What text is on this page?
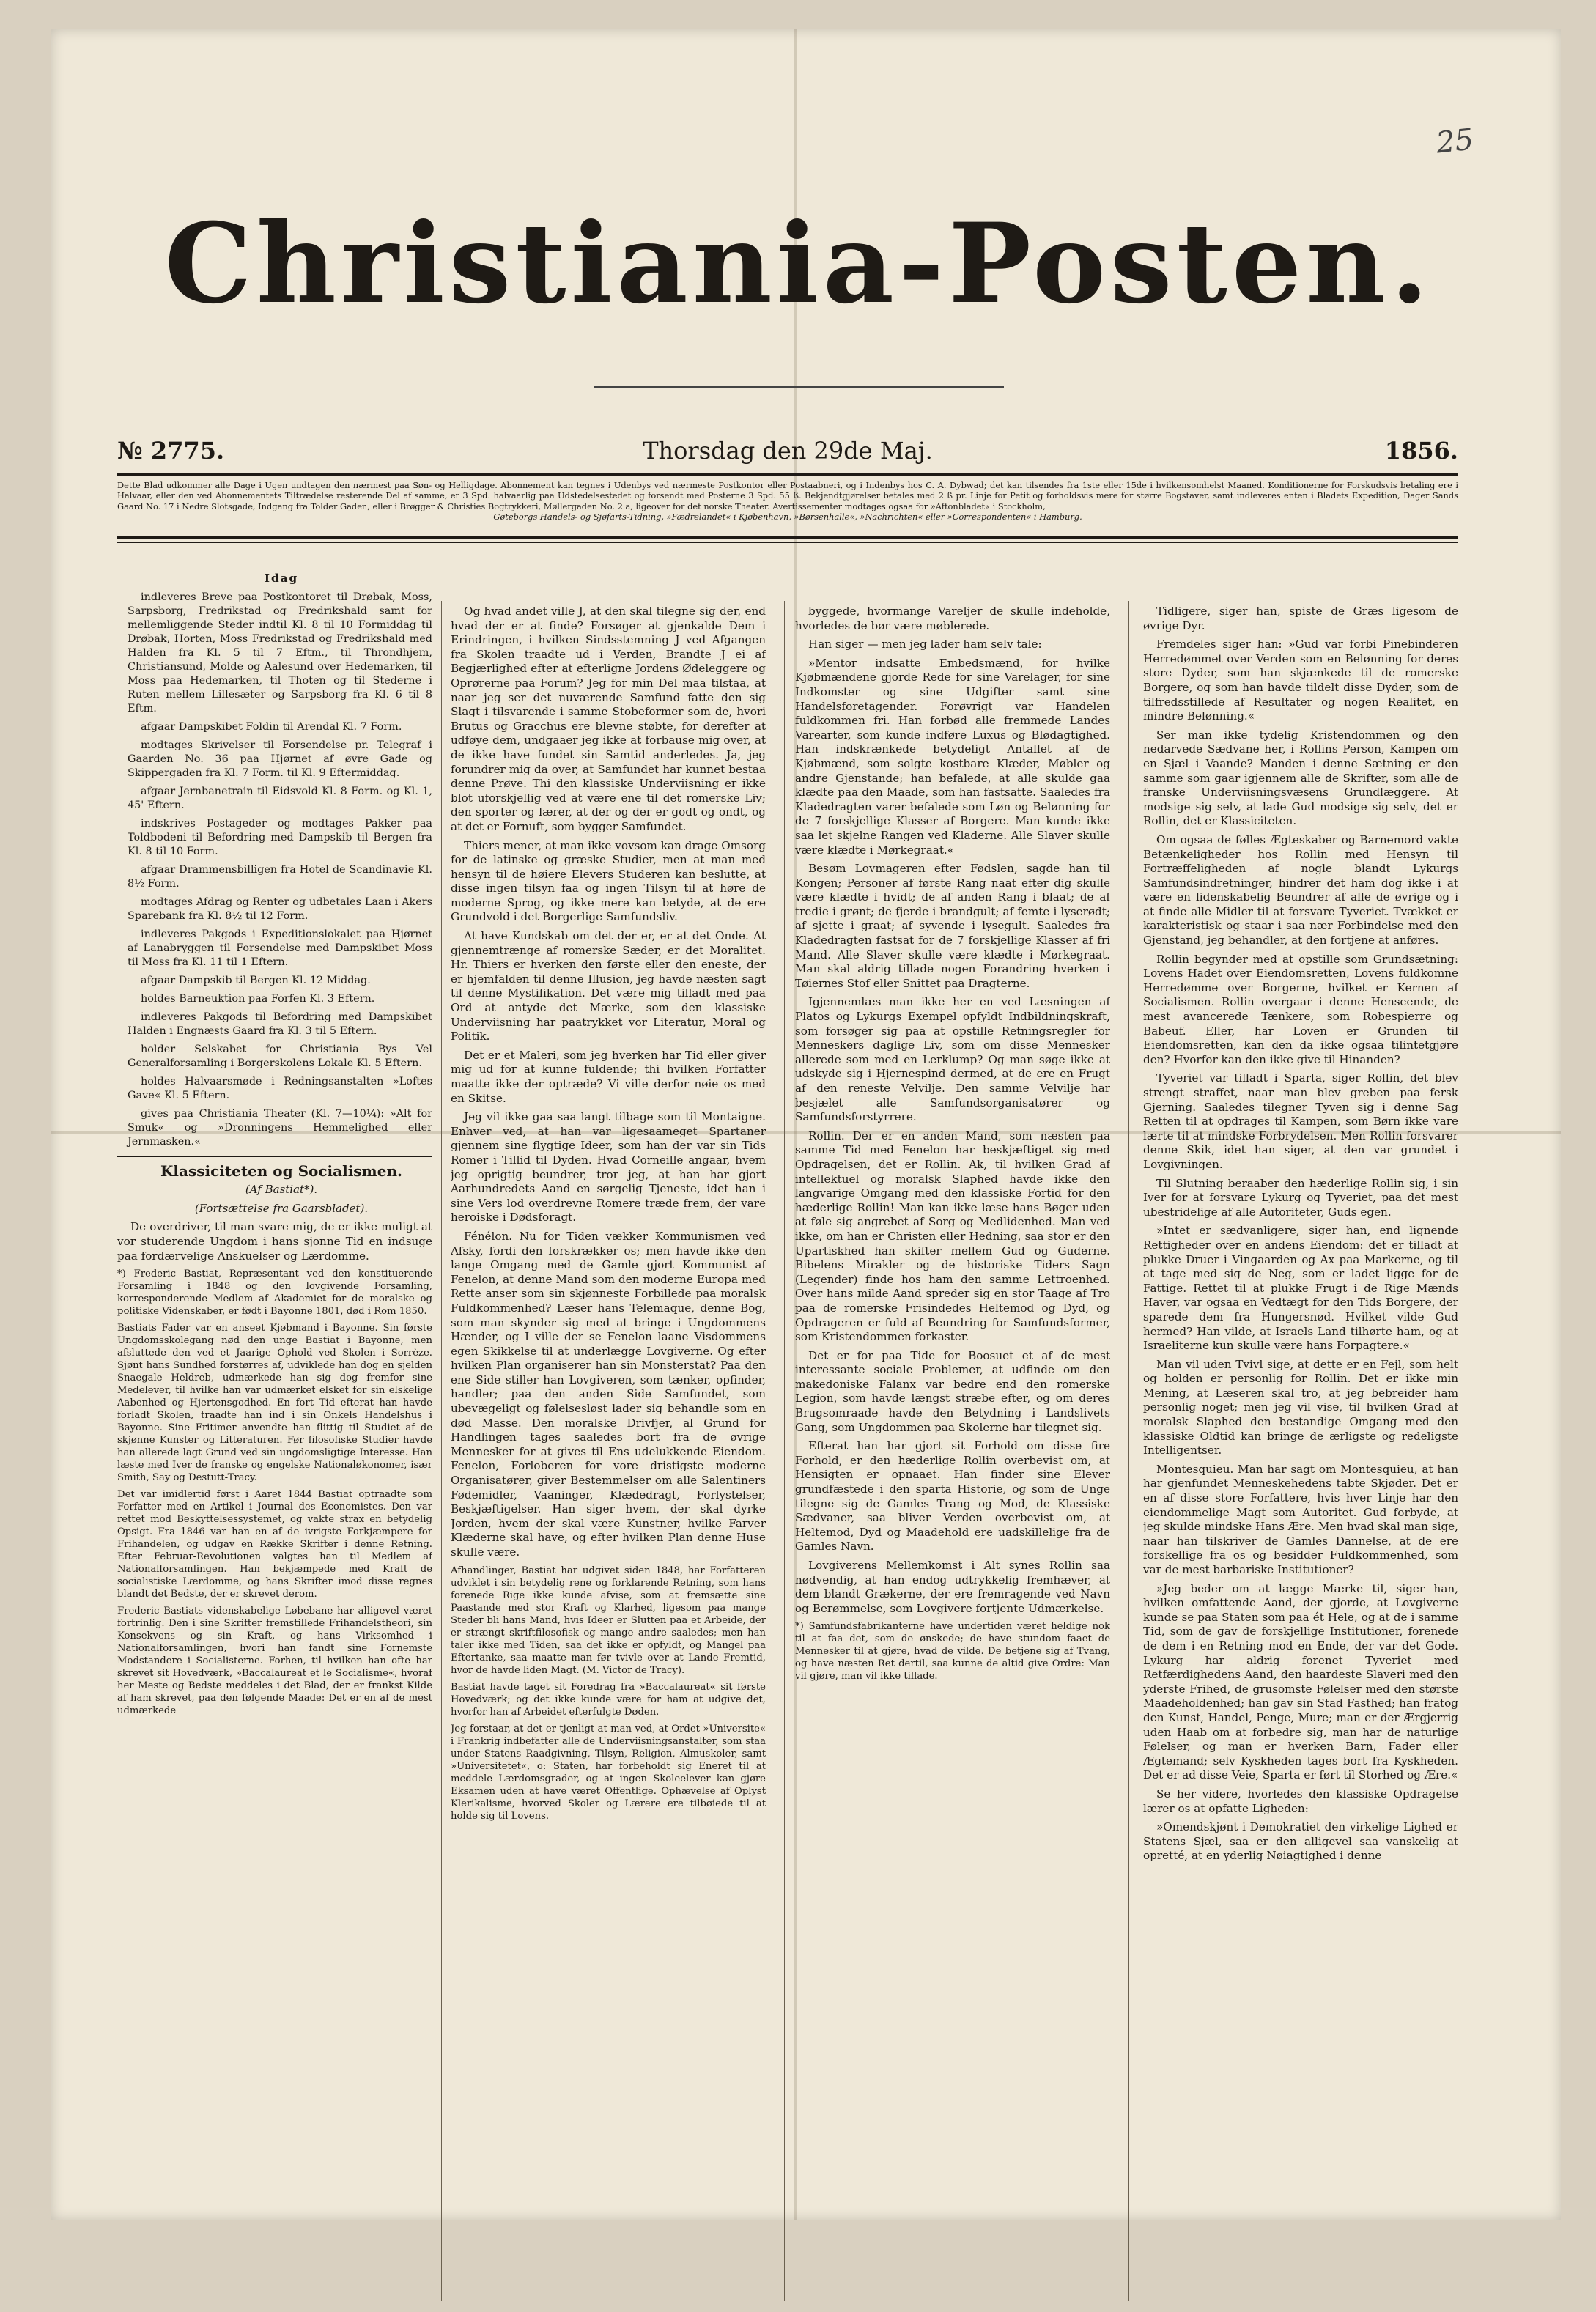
25
Christiania-Posten.
Thorsdag den 29de Maj.
№ 2775.	1856.

Dette Blad udkommer alle Dage i Ugen undtagen den nærmest paa Søn- og Helligdage. Abonnement kan tegnes i Udenbys ved nærmeste Postkontor eller Postaabneri, og i Indenbys hos C. A. Dybwad; det kan tilsendes fra 1ste eller 15de i hvilkensomhelst Maaned. Konditionerne for Forskudsvis betaling ere i Halvaar, eller den ved Abonnementets Tiltrædelse resterende Del af samme, er 3 Spd. halvaarlig paa Udstedelsestedet og forsendt med Posterne 3 Spd. 55 ß. Bekjendtgjørelser betales med 2 ß pr. Linje for Petit og forholdsvis mere for større Bogstaver, samt indleveres enten i Bladets Expedition, Dager Sands Gaard No. 17 i Nedre Slotsgade, Indgang fra Tolder Gaden, eller i Brøgger & Christies Bogtrykkeri, Møllergaden No. 2 a, ligeover for det norske Theater. Avertissementer modtages ogsaa for »Aftonbladet« i Stockholm,

Gøteborgs Handels- og Sjøfarts-Tidning, »Fædrelandet« i Kjøbenhavn, »Børsenhalle«, »Nachrichten« eller »Correspondenten« i Hamburg.

Idag

indleveres Breve paa Postkontoret til Drøbak, Moss, Sarpsborg, Fredrikstad og Fredrikshald samt for mellemliggende Steder indtil Kl. 8 til 10 Formiddag til Drøbak, Horten, Moss Fredrikstad og Fredrikshald med Halden fra Kl. 5 til 7 Eftm., til Throndhjem, Christiansund, Molde og Aalesund over Hedemarken, til Moss paa Hedemarken, til Thoten og til Stederne i Ruten mellem Lillesæter og Sarpsborg fra Kl. 6 til 8 Eftm.

afgaar Dampskibet Foldin til Arendal Kl. 7 Form.

modtages Skrivelser til Forsendelse pr. Telegraf i Gaarden No. 36 paa Hjørnet af øvre Gade og Skippergaden fra Kl. 7 Form. til Kl. 9 Eftermiddag.

afgaar Jernbanetrain til Eidsvold Kl. 8 Form. og Kl. 1, 45' Eftern.

indskrives Postageder og modtages Pakker paa Toldbodeni til Befordring med Dampskib til Bergen fra Kl. 8 til 10 Form.

afgaar Drammensbilligen fra Hotel de Scandinavie Kl. 8½ Form.

modtages Afdrag og Renter og udbetales Laan i Akers Sparebank fra Kl. 8½ til 12 Form.

indleveres Pakgods i Expeditionslokalet paa Hjørnet af Lanabryggen til Forsendelse med Dampskibet Moss til Moss fra Kl. 11 til 1 Eftern.

afgaar Dampskib til Bergen Kl. 12 Middag.

holdes Barneuktion paa Forfen Kl. 3 Eftern.

indleveres Pakgods til Befordring med Dampskibet Halden i Engnæsts Gaard fra Kl. 3 til 5 Eftern.

holder Selskabet for Christiania Bys Vel Generalforsamling i Borgerskolens Lokale Kl. 5 Eftern.

holdes Halvaarsmøde i Redningsanstalten »Loftes Gave« Kl. 5 Eftern.

gives paa Christiania Theater (Kl. 7—10¼): »Alt for Smuk« og »Dronningens Hemmelighed eller Jernmasken.«

Klassiciteten og Socialismen.

(Af Bastiat*).

(Fortsættelse fra Gaarsbladet).

De overdriver, til man svare mig, de er ikke muligt at vor studerende Ungdom i hans sjonne Tid en indsuge paa fordærvelige Anskuelser og Lærdomme.

*) Frederic Bastiat, Repræsentant ved den konstituerende Forsamling i 1848 og den lovgivende Forsamling, korresponderende Medlem af Akademiet for de moralske og politiske Videnskaber, er født i Bayonne 1801, død i Rom 1850.

Bastiats Fader var en anseet Kjøbmand i Bayonne. Sin første Ungdomsskolegang nød den unge Bastiat i Bayonne, men afsluttede den ved et Jaarige Ophold ved Skolen i Sorrèze. Sjønt hans Sundhed forstørres af, udviklede han dog en sjelden Snaegale Heldreb, udmærkede han sig dog fremfor sine Medelever, til hvilke han var udmærket elsket for sin elskelige Aabenhed og Hjertensgodhed. En fort Tid efterat han havde forladt Skolen, traadte han ind i sin Onkels Handelshus i Bayonne. Sine Fritimer anvendte han flittig til Studiet af de skjønne Kunster og Litteraturen. Før filosofiske Studier havde han allerede lagt Grund ved sin ungdomsligtige Interesse. Han læste med Iver de franske og engelske Nationaløkonomer, især Smith, Say og Destutt-Tracy.

Det var imidlertid først i Aaret 1844 Bastiat optraadte som Forfatter med en Artikel i Journal des Economistes. Den var rettet mod Beskyttelsessystemet, og vakte strax en betydelig Opsigt. Fra 1846 var han en af de ivrigste Forkjæmpere for Frihandelen, og udgav en Række Skrifter i denne Retning. Efter Februar-Revolutionen valgtes han til Medlem af Nationalforsamlingen. Han bekjæmpede med Kraft de socialistiske Lærdomme, og hans Skrifter imod disse regnes blandt det Bedste, der er skrevet derom.

Frederic Bastiats videnskabelige Løbebane har alligevel været fortrinlig. Den i sine Skrifter fremstillede Frihandelstheori, sin Konsekvens og sin Kraft, og hans Virksomhed i Nationalforsamlingen, hvori han fandt sine Fornemste Modstandere i Socialisterne. Forhen, til hvilken han ofte har skrevet sit Hovedværk, »Baccalaureat et le Socialisme«, hvoraf her Meste og Bedste meddeles i det Blad, der er frankst Kilde af ham skrevet, paa den følgende Maade: Det er en af de mest udmærkede

Og hvad andet ville J, at den skal tilegne sig der, end hvad der er at finde? Forsøger at gjenkalde Dem i Erindringen, i hvilken Sindsstemning J ved Afgangen fra Skolen traadte ud i Verden, Brandte J ei af Begjærlighed efter at efterligne Jordens Ødeleggere og Oprørerne paa Forum? Jeg for min Del maa tilstaa, at naar jeg ser det nuværende Samfund fatte den sig Slagt i tilsvarende i samme Stobeformer som de, hvori Brutus og Gracchus ere blevne støbte, for derefter at udføye dem, undgaaer jeg ikke at forbause mig over, at de ikke have fundet sin Samtid anderledes. Ja, jeg forundrer mig da over, at Samfundet har kunnet bestaa denne Prøve. Thi den klassiske Underviisning er ikke blot uforskjellig ved at være ene til det romerske Liv; den sporter og lærer, at der og der er godt og ondt, og at det er Fornuft, som bygger Samfundet.

Thiers mener, at man ikke vovsom kan drage Omsorg for de latinske og græske Studier, men at man med hensyn til de høiere Elevers Studeren kan beslutte, at disse ingen tilsyn faa og ingen Tilsyn til at høre de moderne Sprog, og ikke mere kan betyde, at de ere Grundvold i det Borgerlige Samfundsliv.

At have Kundskab om det der er, er at det Onde. At gjennemtrænge af romerske Sæder, er det Moralitet. Hr. Thiers er hverken den første eller den eneste, der er hjemfalden til denne Illusion, jeg havde næsten sagt til denne Mystifikation. Det være mig tilladt med paa Ord at antyde det Mærke, som den klassiske Underviisning har paatrykket vor Literatur, Moral og Politik.

Det er et Maleri, som jeg hverken har Tid eller giver mig ud for at kunne fuldende; thi hvilken Forfatter maatte ikke der optræde? Vi ville derfor nøie os med en Skitse.

Jeg vil ikke gaa saa langt tilbage som til Montaigne. Enhver ved, at han var ligesaameget Spartaner gjennem sine flygtige Ideer, som han der var sin Tids Romer i Tillid til Dyden. Hvad Corneille angaar, hvem jeg oprigtig beundrer, tror jeg, at han har gjort Aarhundredets Aand en sørgelig Tjeneste, idet han i sine Vers lod overdrevne Romere træde frem, der vare heroiske i Dødsforagt.

Fénélon. Nu for Tiden vækker Kommunismen ved Afsky, fordi den forskrækker os; men havde ikke den lange Omgang med de Gamle gjort Kommunist af Fenelon, at denne Mand som den moderne Europa med Rette anser som sin skjønneste Forbillede paa moralsk Fuldkommenhed? Læser hans Telemaque, denne Bog, som man skynder sig med at bringe i Ungdommens Hænder, og I ville der se Fenelon laane Visdommens egen Skikkelse til at underlægge Lovgiverne. Og efter hvilken Plan organiserer han sin Monsterstat? Paa den ene Side stiller han Lovgiveren, som tænker, opfinder, handler; paa den anden Side Samfundet, som ubevægeligt og følelsesløst lader sig behandle som en død Masse. Den moralske Drivfjer, al Grund for Handlingen tages saaledes bort fra de øvrige Mennesker for at gives til Ens udelukkende Eiendom. Fenelon, Forloberen for vore dristigste moderne Organisatører, giver Bestemmelser om alle Salentiners Fødemidler, Vaaninger, Klædedragt, Forlystelser, Beskjæftigelser. Han siger hvem, der skal dyrke Jorden, hvem der skal være Kunstner, hvilke Farver Klæderne skal have, og efter hvilken Plan denne Huse skulle være.

Afhandlinger, Bastiat har udgivet siden 1848, har Forfatteren udviklet i sin betydelig rene og forklarende Retning, som hans forenede Rige ikke kunde afvise, som at fremsætte sine Paastande med stor Kraft og Klarhed, ligesom paa mange Steder bli hans Mand, hvis Ideer er Slutten paa et Arbeide, der er strængt skriftfilosofisk og mange andre saaledes; men han taler ikke med Tiden, saa det ikke er opfyldt, og Mangel paa Eftertanke, saa maatte man før tvivle over at Lande Fremtid, hvor de havde liden Magt. (M. Victor de Tracy).

Bastiat havde taget sit Foredrag fra »Baccalaureat« sit første Hovedværk; og det ikke kunde være for ham at udgive det, hvorfor han af Arbeidet efterfulgte Døden.

Jeg forstaar, at det er tjenligt at man ved, at Ordet »Universite« i Frankrig indbefatter alle de Underviisningsanstalter, som staa under Statens Raadgivning, Tilsyn, Religion, Almuskoler, samt »Universitetet«, o: Staten, har forbeholdt sig Eneret til at meddele Lærdomsgrader, og at ingen Skoleelever kan gjøre Eksamen uden at have været Offentlige. Ophævelse af Oplyst Klerikalisme, hvorved Skoler og Lærere ere tilbøiede til at holde sig til Lovens.

byggede, hvormange Vareljer de skulle indeholde, hvorledes de bør være møblerede.

Han siger — men jeg lader ham selv tale:

»Mentor indsatte Embedsmænd, for hvilke Kjøbmændene gjorde Rede for sine Varelager, for sine Indkomster og sine Udgifter samt sine Handelsforetagender. Forøvrigt var Handelen fuldkommen fri. Han forbød alle fremmede Landes Varearter, som kunde indføre Luxus og Blødagtighed. Han indskrænkede betydeligt Antallet af de Kjøbmænd, som solgte kostbare Klæder, Møbler og andre Gjenstande; han befalede, at alle skulde gaa klædte paa den Maade, som han fastsatte. Saaledes fra Kladedragten varer befalede som Løn og Belønning for de 7 forskjellige Klasser af Borgere. Man kunde ikke saa let skjelne Rangen ved Kladerne. Alle Slaver skulle være klædte i Mørkegraat.«

Besøm Lovmageren efter Fødslen, sagde han til Kongen; Personer af første Rang naat efter dig skulle være klædte i hvidt; de af anden Rang i blaat; de af tredie i grønt; de fjerde i brandgult; af femte i lyserødt; af sjette i graat; af syvende i lysegult. Saaledes fra Kladedragten fastsat for de 7 forskjellige Klasser af fri Mand. Alle Slaver skulle være klædte i Mørkegraat. Man skal aldrig tillade nogen Forandring hverken i Tøiernes Stof eller Snittet paa Dragterne.

Igjennemlæs man ikke her en ved Læsningen af Platos og Lykurgs Exempel opfyldt Indbildningskraft, som forsøger sig paa at opstille Retningsregler for Menneskers daglige Liv, som om disse Mennesker allerede som med en Lerklump? Og man søge ikke at udskyde sig i Hjernespind dermed, at de ere en Frugt af den reneste Velvilje. Den samme Velvilje har besjælet alle Samfundsorganisatører og Samfundsforstyrrere.

Rollin. Der er en anden Mand, som næsten paa samme Tid med Fenelon har beskjæftiget sig med Opdragelsen, det er Rollin. Ak, til hvilken Grad af intellektuel og moralsk Slaphed havde ikke den langvarige Omgang med den klassiske Fortid for den hæderlige Rollin! Man kan ikke læse hans Bøger uden at føle sig angrebet af Sorg og Medlidenhed. Man ved ikke, om han er Christen eller Hedning, saa stor er den Upartiskhed han skifter mellem Gud og Guderne. Bibelens Mirakler og de historiske Tiders Sagn (Legender) finde hos ham den samme Lettroenhed. Over hans milde Aand spreder sig en stor Taage af Tro paa de romerske Frisindedes Heltemod og Dyd, og Opdrageren er fuld af Beundring for Samfundsformer, som Kristendommen forkaster.

Det er for paa Tide for Boosuet et af de mest interessante sociale Problemer, at udfinde om den makedoniske Falanx var bedre end den romerske Legion, som havde længst stræbe efter, og om deres Brugsomraade havde den Betydning i Landslivets Gang, som Ungdommen paa Skolerne har tilegnet sig.

Efterat han har gjort sit Forhold om disse fire Forhold, er den hæderlige Rollin overbevist om, at Hensigten er opnaaet. Han finder sine Elever grundfæstede i den sparta Historie, og som de Unge tilegne sig de Gamles Trang og Mod, de Klassiske Sædvaner, saa bliver Verden overbevist om, at Heltemod, Dyd og Maadehold ere uadskillelige fra de Gamles Navn.

Lovgiverens Mellemkomst i Alt synes Rollin saa nødvendig, at han endog udtrykkelig fremhæver, at dem blandt Grækerne, der ere fremragende ved Navn og Berømmelse, som Lovgivere fortjente Udmærkelse.

*) Samfundsfabrikanterne have undertiden været heldige nok til at faa det, som de ønskede; de have stundom faaet de Mennesker til at gjøre, hvad de vilde. De betjene sig af Tvang, og have næsten Ret dertil, saa kunne de altid give Ordre: Man vil gjøre, man vil ikke tillade.

Tidligere, siger han, spiste de Græs ligesom de øvrige Dyr.

Fremdeles siger han: »Gud var forbi Pinebinderen Herredømmet over Verden som en Belønning for deres store Dyder, som han skjænkede til de romerske Borgere, og som han havde tildelt disse Dyder, som de tilfredsstillede af Resultater og nogen Realitet, en mindre Belønning.«

Ser man ikke tydelig Kristendommen og den nedarvede Sædvane her, i Rollins Person, Kampen om en Sjæl i Vaande? Manden i denne Sætning er den samme som gaar igjennem alle de Skrifter, som alle de franske Underviisningsvæsens Grundlæggere. At modsige sig selv, at lade Gud modsige sig selv, det er Rollin, det er Klassiciteten.

Om ogsaa de følles Ægteskaber og Barnemord vakte Betænkeligheder hos Rollin med Hensyn til Fortræffeligheden af nogle blandt Lykurgs Samfundsindretninger, hindrer det ham dog ikke i at være en lidenskabelig Beundrer af alle de øvrige og i at finde alle Midler til at forsvare Tyveriet. Tvækket er karakteristisk og staar i saa nær Forbindelse med den Gjenstand, jeg behandler, at den fortjene at anføres.

Rollin begynder med at opstille som Grundsætning: Lovens Hadet over Eiendomsretten, Lovens fuldkomne Herredømme over Borgerne, hvilket er Kernen af Socialismen. Rollin overgaar i denne Henseende, de mest avancerede Tænkere, som Robespierre og Babeuf. Eller, har Loven er Grunden til Eiendomsretten, kan den da ikke ogsaa tilintetgjøre den? Hvorfor kan den ikke give til Hinanden?

Tyveriet var tilladt i Sparta, siger Rollin, det blev strengt straffet, naar man blev greben paa fersk Gjerning. Saaledes tilegner Tyven sig i denne Sag Retten til at opdrages til Kampen, som Børn ikke vare lærte til at mindske Forbrydelsen. Men Rollin forsvarer denne Skik, idet han siger, at den var grundet i Lovgivningen.

Til Slutning beraaber den hæderlige Rollin sig, i sin Iver for at forsvare Lykurg og Tyveriet, paa det mest ubestridelige af alle Autoriteter, Guds egen.

»Intet er sædvanligere, siger han, end lignende Rettigheder over en andens Eiendom: det er tilladt at plukke Druer i Vingaarden og Ax paa Markerne, og til at tage med sig de Neg, som er ladet ligge for de Fattige. Rettet til at plukke Frugt i de Rige Mænds Haver, var ogsaa en Vedtægt for den Tids Borgere, der sparede dem fra Hungersnød. Hvilket vilde Gud hermed? Han vilde, at Israels Land tilhørte ham, og at Israeliterne kun skulle være hans Forpagtere.«

Man vil uden Tvivl sige, at dette er en Fejl, som helt og holden er personlig for Rollin. Det er ikke min Mening, at Læseren skal tro, at jeg bebreider ham personlig noget; men jeg vil vise, til hvilken Grad af moralsk Slaphed den bestandige Omgang med den klassiske Oldtid kan bringe de ærligste og redeligste Intelligentser.

Montesquieu. Man har sagt om Montesquieu, at han har gjenfundet Menneskehedens tabte Skjøder. Det er en af disse store Forfattere, hvis hver Linje har den eiendommelige Magt som Autoritet. Gud forbyde, at jeg skulde mindske Hans Ære. Men hvad skal man sige, naar han tilskriver de Gamles Dannelse, at de ere forskellige fra os og besidder Fuldkommenhed, som var de mest barbariske Institutioner?

»Jeg beder om at lægge Mærke til, siger han, hvilken omfattende Aand, der gjorde, at Lovgiverne kunde se paa Staten som paa ét Hele, og at de i samme Tid, som de gav de forskjellige Institutioner, forenede de dem i en Retning mod en Ende, der var det Gode. Lykurg har aldrig forenet Tyveriet med Retfærdighedens Aand, den haardeste Slaveri med den yderste Frihed, de grusomste Følelser med den største Maadeholdenhed; han gav sin Stad Fasthed; han fratog den Kunst, Handel, Penge, Mure; man er der Ærgjerrig uden Haab om at forbedre sig, man har de naturlige Følelser, og man er hverken Barn, Fader eller Ægtemand; selv Kyskheden tages bort fra Kyskheden. Det er ad disse Veie, Sparta er ført til Storhed og Ære.«

Se her videre, hvorledes den klassiske Opdragelse lærer os at opfatte Ligheden:

»Omendskjønt i Demokratiet den virkelige Lighed er Statens Sjæl, saa er den alligevel saa vanskelig at opretté, at en yderlig Nøiagtighed i denne
